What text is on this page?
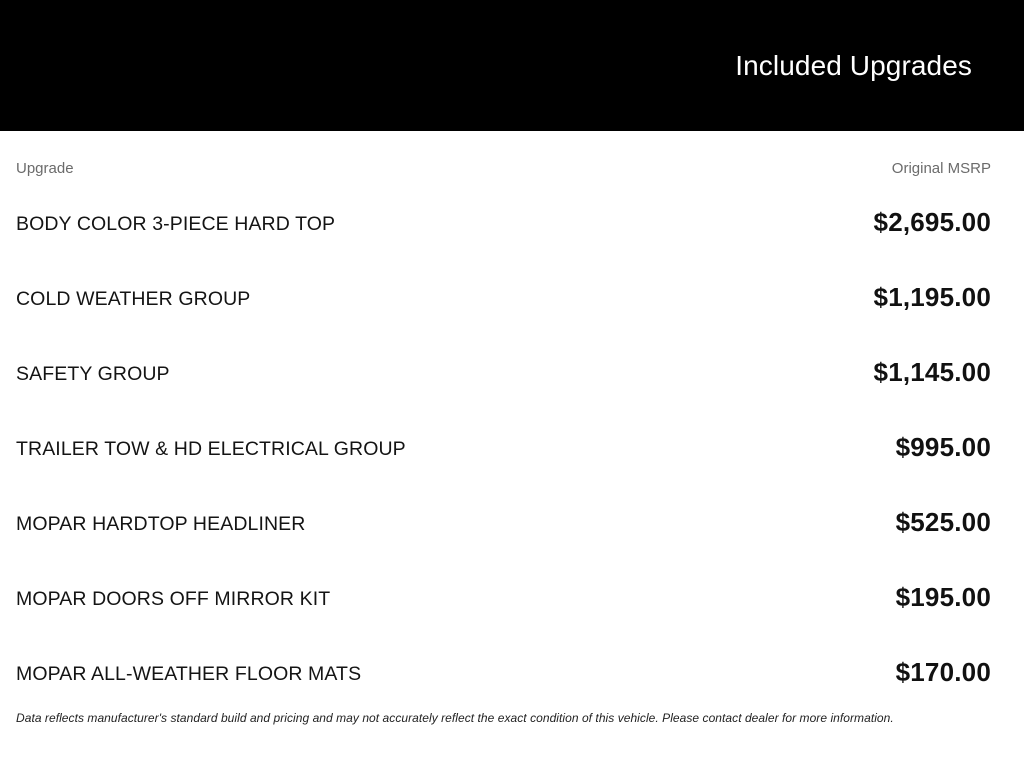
Included Upgrades
Upgrade	Original MSRP
BODY COLOR 3-PIECE HARD TOP	$2,695.00
COLD WEATHER GROUP	$1,195.00
SAFETY GROUP	$1,145.00
TRAILER TOW & HD ELECTRICAL GROUP	$995.00
MOPAR HARDTOP HEADLINER	$525.00
MOPAR DOORS OFF MIRROR KIT	$195.00
MOPAR ALL-WEATHER FLOOR MATS	$170.00
Data reflects manufacturer's standard build and pricing and may not accurately reflect the exact condition of this vehicle. Please contact dealer for more information.
